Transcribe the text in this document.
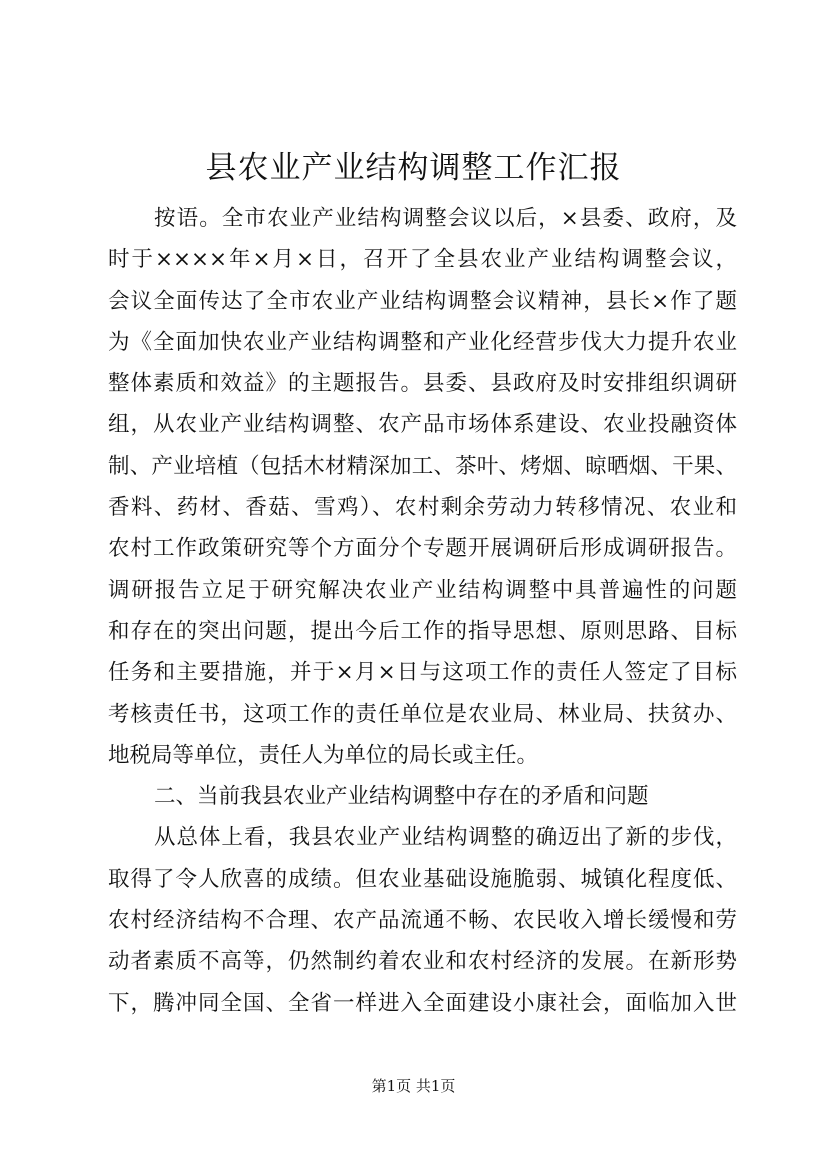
县农业产业结构调整工作汇报
按语。全市农业产业结构调整会议以后，×县委、政府，及
时于××××年×月×日，召开了全县农业产业结构调整会议，
会议全面传达了全市农业产业结构调整会议精神，县长×作了题
为《全面加快农业产业结构调整和产业化经营步伐大力提升农业
整体素质和效益》的主题报告。县委、县政府及时安排组织调研
组，从农业产业结构调整、农产品市场体系建设、农业投融资体
制、产业培植（包括木材精深加工、茶叶、烤烟、晾晒烟、干果、
香料、药材、香菇、雪鸡）、农村剩余劳动力转移情况、农业和
农村工作政策研究等个方面分个专题开展调研后形成调研报告。
调研报告立足于研究解决农业产业结构调整中具普遍性的问题
和存在的突出问题，提出今后工作的指导思想、原则思路、目标
任务和主要措施，并于×月×日与这项工作的责任人签定了目标
考核责任书，这项工作的责任单位是农业局、林业局、扶贫办、
地税局等单位，责任人为单位的局长或主任。
二、当前我县农业产业结构调整中存在的矛盾和问题
从总体上看，我县农业产业结构调整的确迈出了新的步伐，
取得了令人欣喜的成绩。但农业基础设施脆弱、城镇化程度低、
农村经济结构不合理、农产品流通不畅、农民收入增长缓慢和劳
动者素质不高等，仍然制约着农业和农村经济的发展。在新形势
下，腾冲同全国、全省一样进入全面建设小康社会，面临加入世
第1页 共1页
